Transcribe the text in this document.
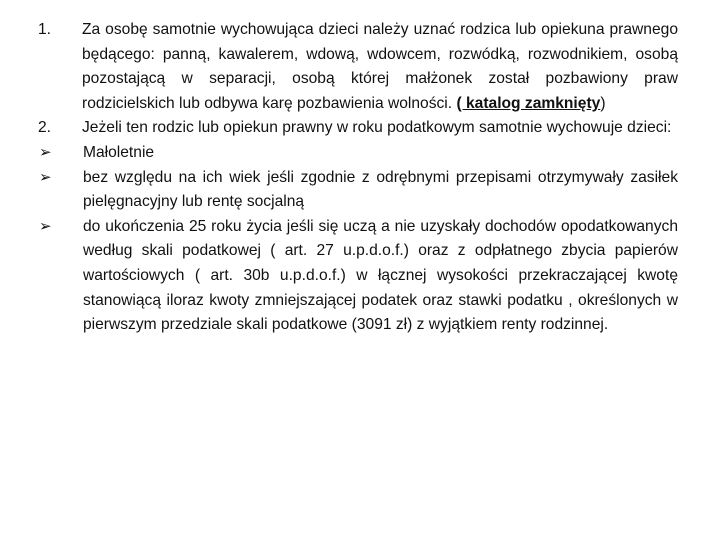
1.	Za osobę samotnie wychowująca dzieci należy uznać rodzica lub opiekuna prawnego będącego: panną, kawalerem, wdową, wdowcem, rozwódką, rozwodnikiem, osobą pozostającą w separacji, osobą której małżonek został pozbawiony praw rodzicielskich lub odbywa karę pozbawienia wolności. ( katalog zamknięty)
2.	Jeżeli ten rodzic lub opiekun prawny w roku podatkowym samotnie wychowuje dzieci:
➢	Małoletnie
➢	bez względu na ich wiek jeśli zgodnie z odrębnymi przepisami otrzymywały zasiłek pielęgnacyjny lub rentę socjalną
➢	do ukończenia 25 roku życia jeśli się uczą a nie uzyskały dochodów opodatkowanych według skali podatkowej ( art. 27 u.p.d.o.f.) oraz z odpłatnego zbycia papierów wartościowych ( art. 30b u.p.d.o.f.) w łącznej wysokości przekraczającej kwotę stanowiącą iloraz kwoty zmniejszającej podatek oraz stawki podatku , określonych w pierwszym przedziale skali podatkowe (3091 zł) z wyjątkiem renty rodzinnej.
